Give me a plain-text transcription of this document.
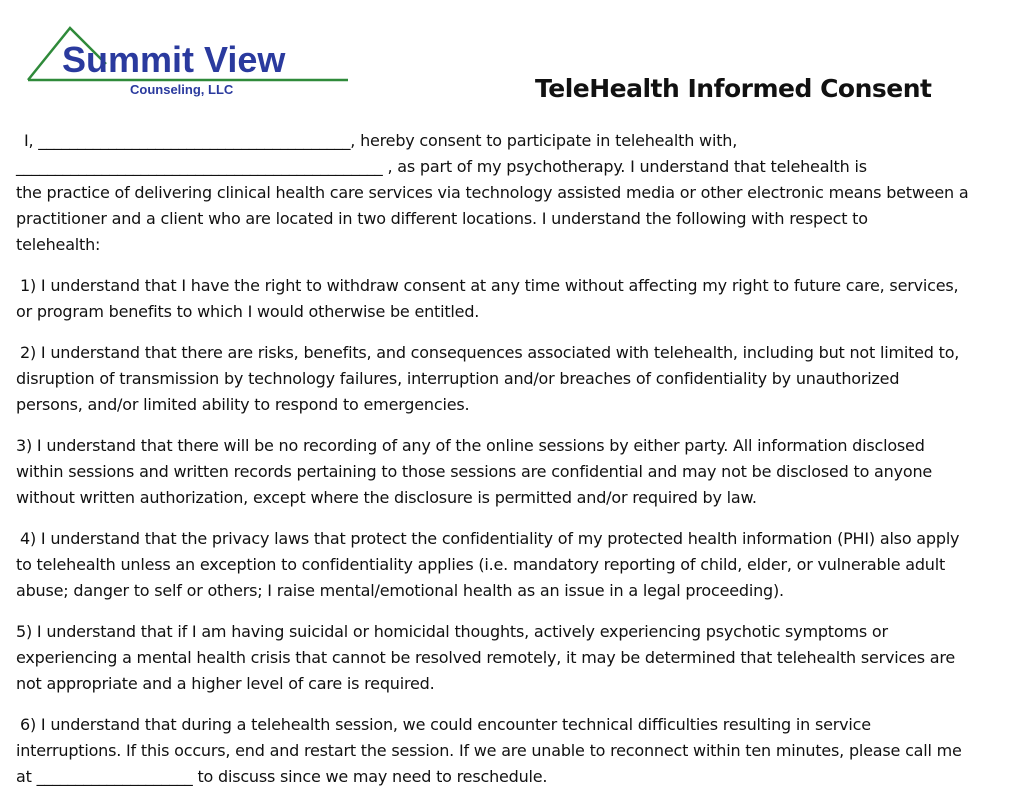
Summit View
Counseling, LLC	TeleHealth Informed Consent

I, ________________________________________, hereby consent to participate in telehealth with,
_______________________________________________ , as part of my psychotherapy. I understand that telehealth is
the practice of delivering clinical health care services via technology assisted media or other electronic means between a
practitioner and a client who are located in two different locations. I understand the following with respect to
telehealth:

1) I understand that I have the right to withdraw consent at any time without affecting my right to future care, services,
or program benefits to which I would otherwise be entitled.

2) I understand that there are risks, benefits, and consequences associated with telehealth, including but not limited to,
disruption of transmission by technology failures, interruption and/or breaches of confidentiality by unauthorized
persons, and/or limited ability to respond to emergencies.

3) I understand that there will be no recording of any of the online sessions by either party. All information disclosed
within sessions and written records pertaining to those sessions are confidential and may not be disclosed to anyone
without written authorization, except where the disclosure is permitted and/or required by law.

4) I understand that the privacy laws that protect the confidentiality of my protected health information (PHI) also apply
to telehealth unless an exception to confidentiality applies (i.e. mandatory reporting of child, elder, or vulnerable adult
abuse; danger to self or others; I raise mental/emotional health as an issue in a legal proceeding).

5) I understand that if I am having suicidal or homicidal thoughts, actively experiencing psychotic symptoms or
experiencing a mental health crisis that cannot be resolved remotely, it may be determined that telehealth services are
not appropriate and a higher level of care is required.

6) I understand that during a telehealth session, we could encounter technical difficulties resulting in service
interruptions. If this occurs, end and restart the session. If we are unable to reconnect within ten minutes, please call me
at ____________________ to discuss since we may need to reschedule.
